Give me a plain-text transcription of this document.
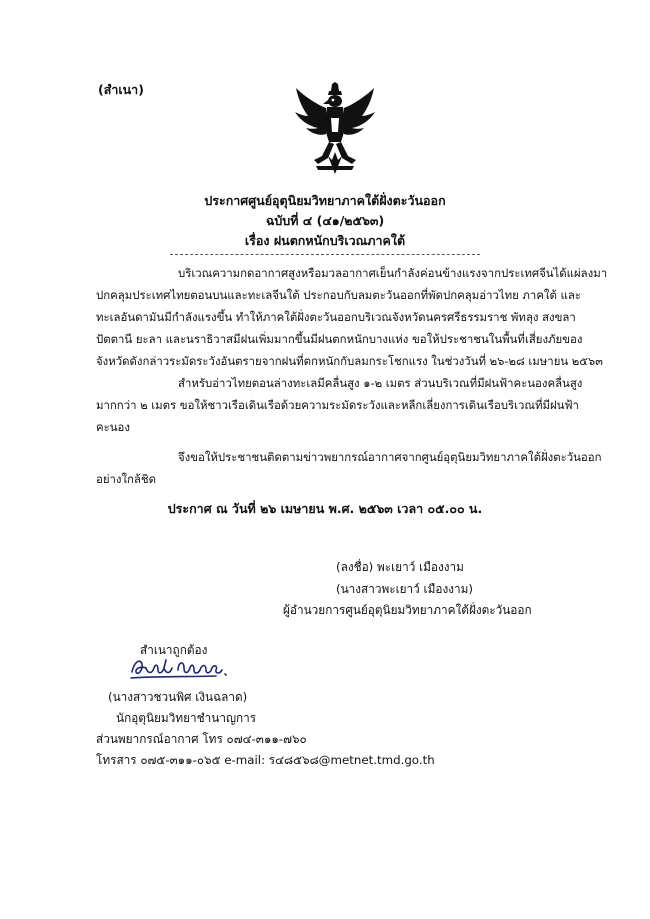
(สำเนา)
ประกาศศูนย์อุตุนิยมวิทยาภาคใต้ฝั่งตะวันออก
ฉบับที่ ๔ (๔๑/๒๕๖๓)
เรื่อง ฝนตกหนักบริเวณภาคใต้
บริเวณความกดอากาศสูงหรือมวลอากาศเย็นกำลังค่อนข้างแรงจากประเทศจีนได้แผ่ลงมา
ปกคลุมประเทศไทยตอนบนและทะเลจีนใต้ ประกอบกับลมตะวันออกที่พัดปกคลุมอ่าวไทย ภาคใต้ และ
ทะเลอันดามันมีกำลังแรงขึ้น ทำให้ภาคใต้ฝั่งตะวันออกบริเวณจังหวัดนครศรีธรรมราช พัทลุง สงขลา
ปัตตานี ยะลา และนราธิวาสมีฝนเพิ่มมากขึ้นมีฝนตกหนักบางแห่ง ขอให้ประชาชนในพื้นที่เสี่ยงภัยของ
จังหวัดดังกล่าวระมัดระวังอันตรายจากฝนที่ตกหนักกับลมกระโชกแรง ในช่วงวันที่ ๒๖-๒๘ เมษายน ๒๕๖๓
สำหรับอ่าวไทยตอนล่างทะเลมีคลื่นสูง ๑-๒ เมตร ส่วนบริเวณที่มีฝนฟ้าคะนองคลื่นสูง
มากกว่า ๒ เมตร ขอให้ชาวเรือเดินเรือด้วยความระมัดระวังและหลีกเลี่ยงการเดินเรือบริเวณที่มีฝนฟ้า
คะนอง
จึงขอให้ประชาชนติดตามข่าวพยากรณ์อากาศจากศูนย์อุตุนิยมวิทยาภาคใต้ฝั่งตะวันออก
อย่างใกล้ชิด
ประกาศ ณ วันที่ ๒๖ เมษายน พ.ศ. ๒๕๖๓ เวลา ๐๕.๐๐ น.
(ลงชื่อ) พะเยาว์ เมืองงาม
(นางสาวพะเยาว์ เมืองงาม)
ผู้อำนวยการศูนย์อุตุนิยมวิทยาภาคใต้ฝั่งตะวันออก
สำเนาถูกต้อง
(นางสาวชวนพิศ เงินฉลาด)
นักอุตุนิยมวิทยาชำนาญการ
ส่วนพยากรณ์อากาศ โทร ๐๗๔-๓๑๑-๗๖๐
โทรสาร ๐๗๕-๓๑๑-๐๖๕ e-mail: ร๔๘๕๖๘@metnet.tmd.go.th
